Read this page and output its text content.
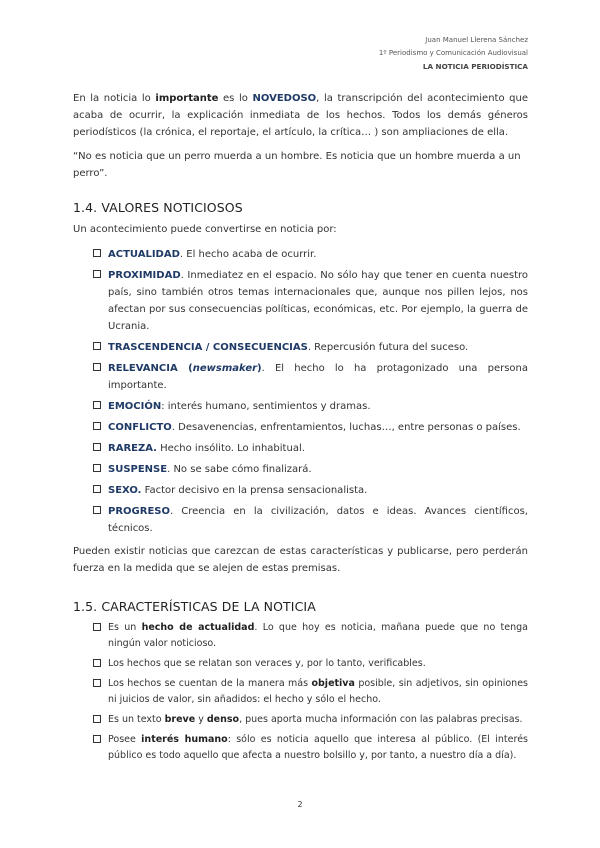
Juan Manuel Llerena Sánchez
1º Periodismo y Comunicación Audiovisual
LA NOTICIA PERIODÍSTICA

En la noticia lo importante es lo NOVEDOSO, la transcripción del acontecimiento que acaba de ocurrir, la explicación inmediata de los hechos. Todos los demás géneros periodísticos (la crónica, el reportaje, el artículo, la crítica… ) son ampliaciones de ella.

“No es noticia que un perro muerda a un hombre. Es noticia que un hombre muerda a un perro”.

1.4. VALORES NOTICIOSOS

Un acontecimiento puede convertirse en noticia por:

ACTUALIDAD. El hecho acaba de ocurrir.
PROXIMIDAD. Inmediatez en el espacio. No sólo hay que tener en cuenta nuestro país, sino también otros temas internacionales que, aunque nos pillen lejos, nos afectan por sus consecuencias políticas, económicas, etc. Por ejemplo, la guerra de Ucrania.
TRASCENDENCIA / CONSECUENCIAS. Repercusión futura del suceso.
RELEVANCIA (newsmaker). El hecho lo ha protagonizado una persona importante.
EMOCIÓN: interés humano, sentimientos y dramas.
CONFLICTO. Desavenencias, enfrentamientos, luchas…, entre personas o países.
RAREZA. Hecho insólito. Lo inhabitual.
SUSPENSE. No se sabe cómo finalizará.
SEXO. Factor decisivo en la prensa sensacionalista.
PROGRESO. Creencia en la civilización, datos e ideas. Avances científicos, técnicos.

Pueden existir noticias que carezcan de estas características y publicarse, pero perderán fuerza en la medida que se alejen de estas premisas.

1.5. CARACTERÍSTICAS DE LA NOTICIA
Es un hecho de actualidad. Lo que hoy es noticia, mañana puede que no tenga ningún valor noticioso.
Los hechos que se relatan son veraces y, por lo tanto, verificables.
Los hechos se cuentan de la manera más objetiva posible, sin adjetivos, sin opiniones ni juicios de valor, sin añadidos: el hecho y sólo el hecho.
Es un texto breve y denso, pues aporta mucha información con las palabras precisas.
Posee interés humano: sólo es noticia aquello que interesa al público. (El interés público es todo aquello que afecta a nuestro bolsillo y, por tanto, a nuestro día a día).
2
